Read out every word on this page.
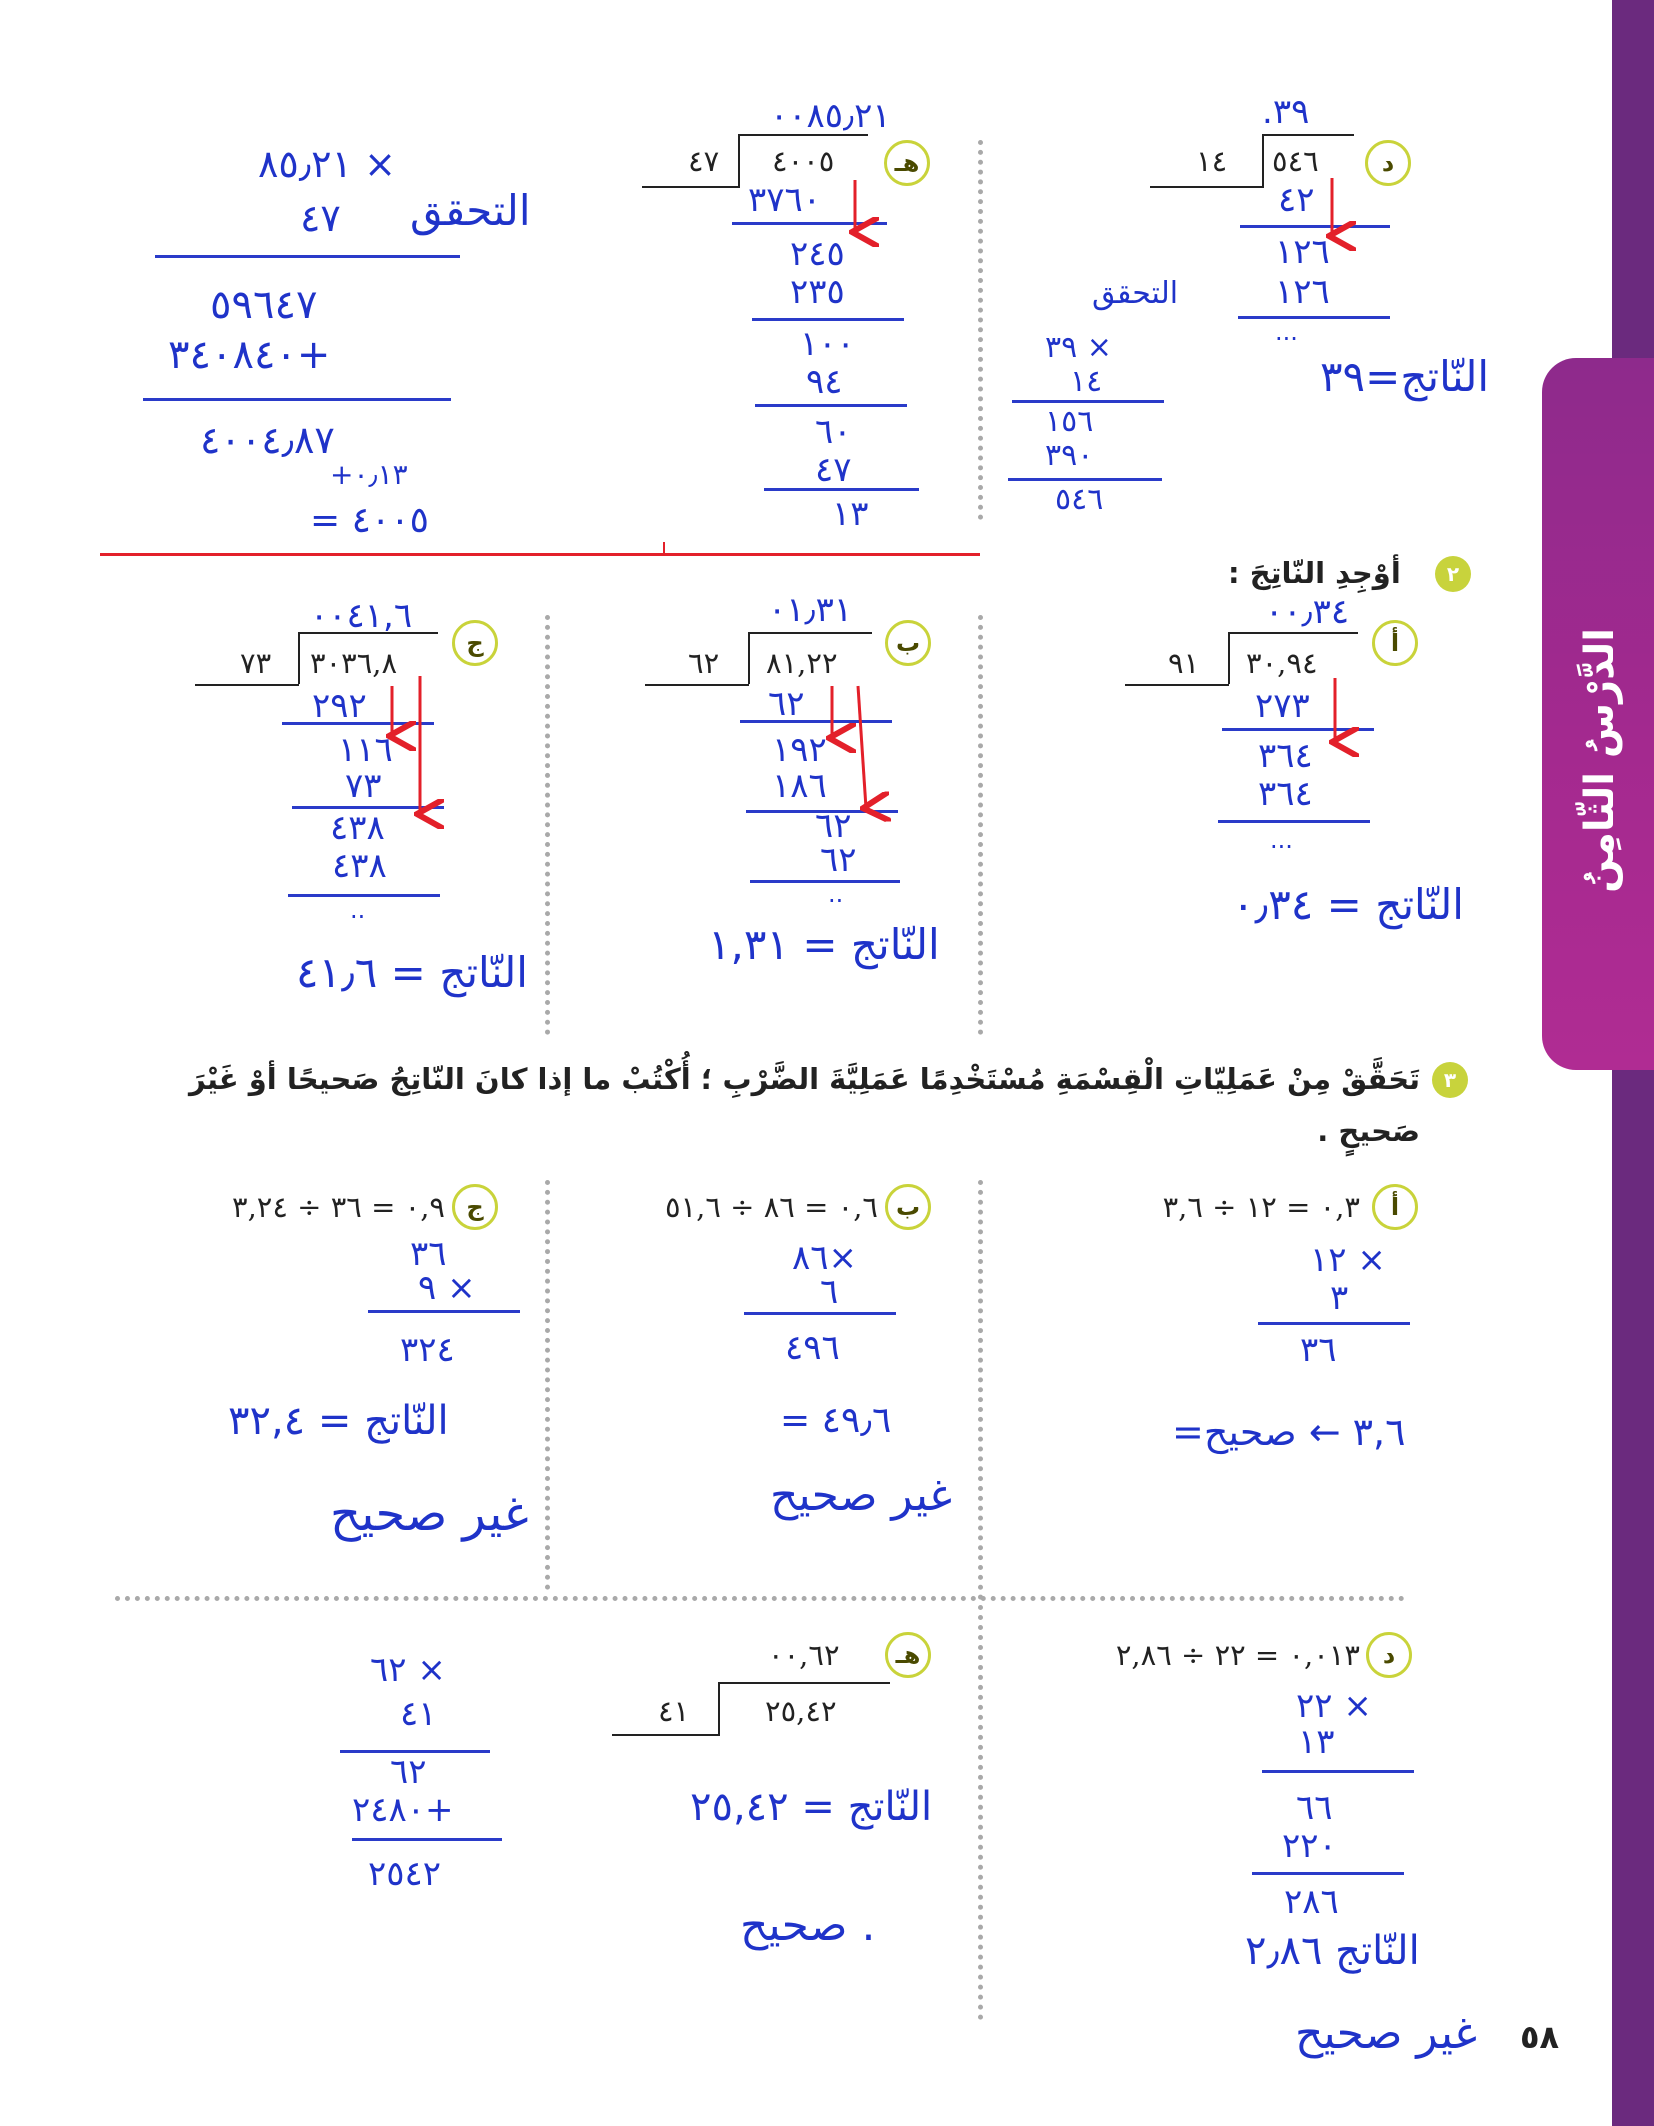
الدَّرْسُ الثّامِنُ
د
٥٤٦
١٤
.٣٩
٤٢
١٢٦
١٢٦
...
النّاتج=٣٩
التحقق
٣٩ ×
١٤
١٥٦
٣٩٠
٥٤٦
هـ
٤٠٠٥
٤٧
٠٠٨٥٫٢١
٣٧٦٠
٢٤٥
٢٣٥
١٠٠
٩٤
٦٠
٤٧
١٣
التحقق
٨٥٫٢١ ×
٤٧
٥٩٦٤٧
٣٤٠٨٤٠+
٤٠٠٤٫٨٧
+٠٫١٣
= ٤٠٠٥
٢
أوْجِدِ النّاتِجَ :
أ
٣٠,٩٤
٩١
٠٠٫٣٤
٢٧٣
٣٦٤
٣٦٤
...
النّاتج = ٠٫٣٤
ب
٨١,٢٢
٦٢
٠١٫٣١
٦٢
١٩٢
١٨٦
٦٢
٦٢
..
النّاتج = ١,٣١
ج
٣٠٣٦,٨
٧٣
٠٠٤١,٦
٢٩٢
١١٦
٧٣
٤٣٨
٤٣٨
..
النّاتج = ٤١٫٦
٣
تَحَقَّقْ مِنْ عَمَلِيّاتِ الْقِسْمَةِ مُسْتَخْدِمًا عَمَلِيَّةَ الضَّرْبِ ؛ أُكْتُبْ ما إذا كانَ النّاتِجُ صَحيحًا أوْ غَيْرَ
صَحيحٍ .
أ
٠,٣ = ١٢ ÷ ٣,٦
١٢ ×
٣
٣٦
=٣,٦ ← صحيح
ب
٠,٦ = ٨٦ ÷ ٥١,٦
٨٦×
٦
٤٩٦
= ٤٩٫٦
غير صحيح
ج
٠,٩ = ٣٦ ÷ ٣,٢٤
٣٦
٩ ×
٣٢٤
النّاتج = ٣٢,٤
غير صحيح
د
٠,٠١٣ = ٢٢ ÷ ٢,٨٦
٢٢ ×
١٣
٦٦
٢٢٠
٢٨٦
النّاتج ٢٫٨٦
غير صحيح
هـ
٠٠,٦٢
٢٥,٤٢
٤١
النّاتج = ٢٥,٤٢
صحيح .
٦٢ ×
٤١
٦٢
٢٤٨٠+
٢٥٤٢
٥٨
